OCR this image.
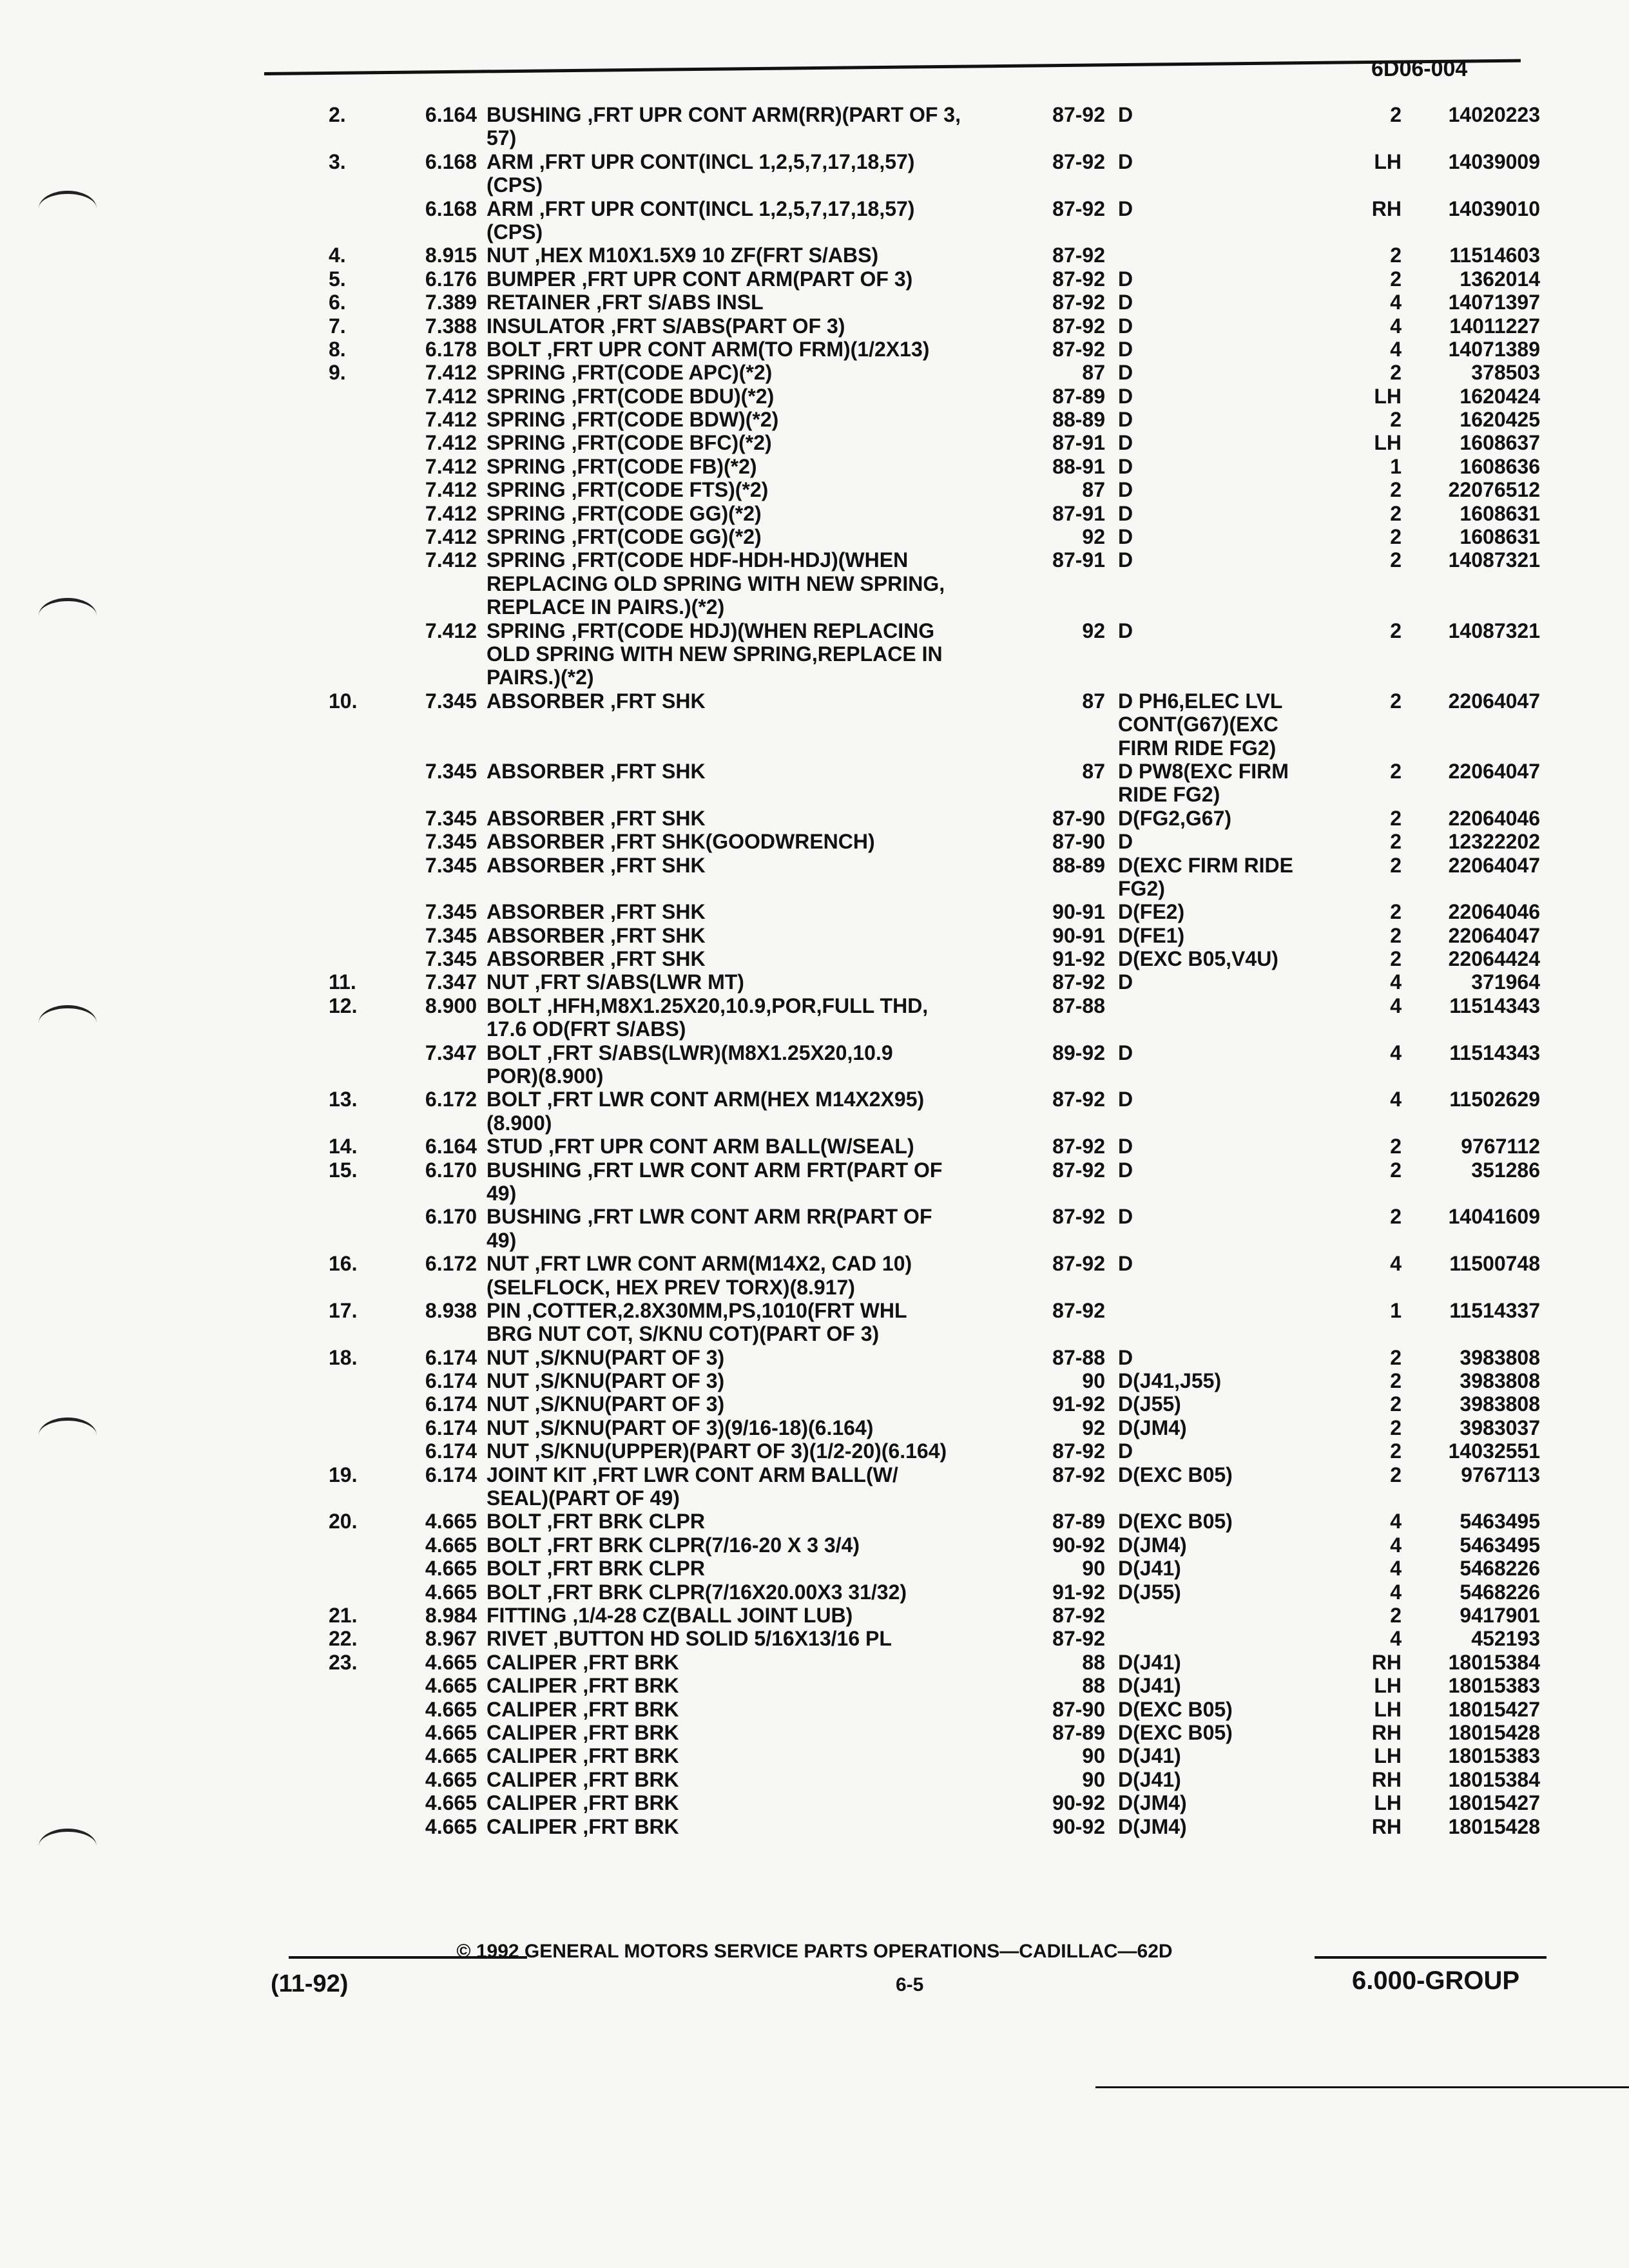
6D06-004
2.	6.164 BUSHING ,FRT UPR CONT ARM(RR)(PART OF 3,	87-92 D	2	14020223
57)
3.	6.168 ARM ,FRT UPR CONT(INCL 1,2,5,7,17,18,57)	87-92 D	LH	14039009
(CPS)
6.168 ARM ,FRT UPR CONT(INCL 1,2,5,7,17,18,57)	87-92 D	RH	14039010
(CPS)
4.	8.915 NUT ,HEX M10X1.5X9 10 ZF(FRT S/ABS)	87-92	2	11514603
5.	6.176 BUMPER ,FRT UPR CONT ARM(PART OF 3)	87-92 D	2	1362014
6.	7.389 RETAINER ,FRT S/ABS INSL	87-92 D	4	14071397
7.	7.388 INSULATOR ,FRT S/ABS(PART OF 3)	87-92 D	4	14011227
8.	6.178 BOLT ,FRT UPR CONT ARM(TO FRM)(1/2X13)	87-92 D	4	14071389
9.	7.412 SPRING ,FRT(CODE APC)(*2)	87 D	2	378503
7.412 SPRING ,FRT(CODE BDU)(*2)	87-89 D	LH	1620424
7.412 SPRING ,FRT(CODE BDW)(*2)	88-89 D	2	1620425
7.412 SPRING ,FRT(CODE BFC)(*2)	87-91 D	LH	1608637
7.412 SPRING ,FRT(CODE FB)(*2)	88-91 D	1	1608636
7.412 SPRING ,FRT(CODE FTS)(*2)	87 D	2	22076512
7.412 SPRING ,FRT(CODE GG)(*2)	87-91 D	2	1608631
7.412 SPRING ,FRT(CODE GG)(*2)	92 D	2	1608631
7.412 SPRING ,FRT(CODE HDF-HDH-HDJ)(WHEN	87-91 D	2	14087321
REPLACING OLD SPRING WITH NEW SPRING,
REPLACE IN PAIRS.)(*2)
7.412 SPRING ,FRT(CODE HDJ)(WHEN REPLACING	92 D	2	14087321
OLD SPRING WITH NEW SPRING,REPLACE IN
PAIRS.)(*2)
10.	7.345 ABSORBER ,FRT SHK	87 D PH6,ELEC LVL	2	22064047
CONT(G67)(EXC
FIRM RIDE FG2)
7.345 ABSORBER ,FRT SHK	87 D PW8(EXC FIRM	2	22064047
RIDE FG2)
7.345 ABSORBER ,FRT SHK	87-90 D(FG2,G67)	2	22064046
7.345 ABSORBER ,FRT SHK(GOODWRENCH)	87-90 D	2	12322202
7.345 ABSORBER ,FRT SHK	88-89 D(EXC FIRM RIDE	2	22064047
FG2)
7.345 ABSORBER ,FRT SHK	90-91 D(FE2)	2	22064046
7.345 ABSORBER ,FRT SHK	90-91 D(FE1)	2	22064047
7.345 ABSORBER ,FRT SHK	91-92 D(EXC B05,V4U)	2	22064424
11.	7.347 NUT ,FRT S/ABS(LWR MT)	87-92 D	4	371964
12.	8.900 BOLT ,HFH,M8X1.25X20,10.9,POR,FULL THD,	87-88	4	11514343
17.6 OD(FRT S/ABS)
7.347 BOLT ,FRT S/ABS(LWR)(M8X1.25X20,10.9	89-92 D	4	11514343
POR)(8.900)
13.	6.172 BOLT ,FRT LWR CONT ARM(HEX M14X2X95)	87-92 D	4	11502629
(8.900)
14.	6.164 STUD ,FRT UPR CONT ARM BALL(W/SEAL)	87-92 D	2	9767112
15.	6.170 BUSHING ,FRT LWR CONT ARM FRT(PART OF	87-92 D	2	351286
49)
6.170 BUSHING ,FRT LWR CONT ARM RR(PART OF	87-92 D	2	14041609
49)
16.	6.172 NUT ,FRT LWR CONT ARM(M14X2, CAD 10)	87-92 D	4	11500748
(SELFLOCK, HEX PREV TORX)(8.917)
17.	8.938 PIN ,COTTER,2.8X30MM,PS,1010(FRT WHL	87-92	1	11514337
BRG NUT COT, S/KNU COT)(PART OF 3)
18.	6.174 NUT ,S/KNU(PART OF 3)	87-88 D	2	3983808
6.174 NUT ,S/KNU(PART OF 3)	90 D(J41,J55)	2	3983808
6.174 NUT ,S/KNU(PART OF 3)	91-92 D(J55)	2	3983808
6.174 NUT ,S/KNU(PART OF 3)(9/16-18)(6.164)	92 D(JM4)	2	3983037
6.174 NUT ,S/KNU(UPPER)(PART OF 3)(1/2-20)(6.164)	87-92 D	2	14032551
19.	6.174 JOINT KIT ,FRT LWR CONT ARM BALL(W/	87-92 D(EXC B05)	2	9767113
SEAL)(PART OF 49)
20.	4.665 BOLT ,FRT BRK CLPR	87-89 D(EXC B05)	4	5463495
4.665 BOLT ,FRT BRK CLPR(7/16-20 X 3 3/4)	90-92 D(JM4)	4	5463495
4.665 BOLT ,FRT BRK CLPR	90 D(J41)	4	5468226
4.665 BOLT ,FRT BRK CLPR(7/16X20.00X3 31/32)	91-92 D(J55)	4	5468226
21.	8.984 FITTING ,1/4-28 CZ(BALL JOINT LUB)	87-92	2	9417901
22.	8.967 RIVET ,BUTTON HD SOLID 5/16X13/16 PL	87-92	4	452193
23.	4.665 CALIPER ,FRT BRK	88 D(J41)	RH	18015384
4.665 CALIPER ,FRT BRK	88 D(J41)	LH	18015383
4.665 CALIPER ,FRT BRK	87-90 D(EXC B05)	LH	18015427
4.665 CALIPER ,FRT BRK	87-89 D(EXC B05)	RH	18015428
4.665 CALIPER ,FRT BRK	90 D(J41)	LH	18015383
4.665 CALIPER ,FRT BRK	90 D(J41)	RH	18015384
4.665 CALIPER ,FRT BRK	90-92 D(JM4)	LH	18015427
4.665 CALIPER ,FRT BRK	90-92 D(JM4)	RH	18015428
© 1992 GENERAL MOTORS SERVICE PARTS OPERATIONS—CADILLAC—62D
(11-92)	6-5	6.000-GROUP
